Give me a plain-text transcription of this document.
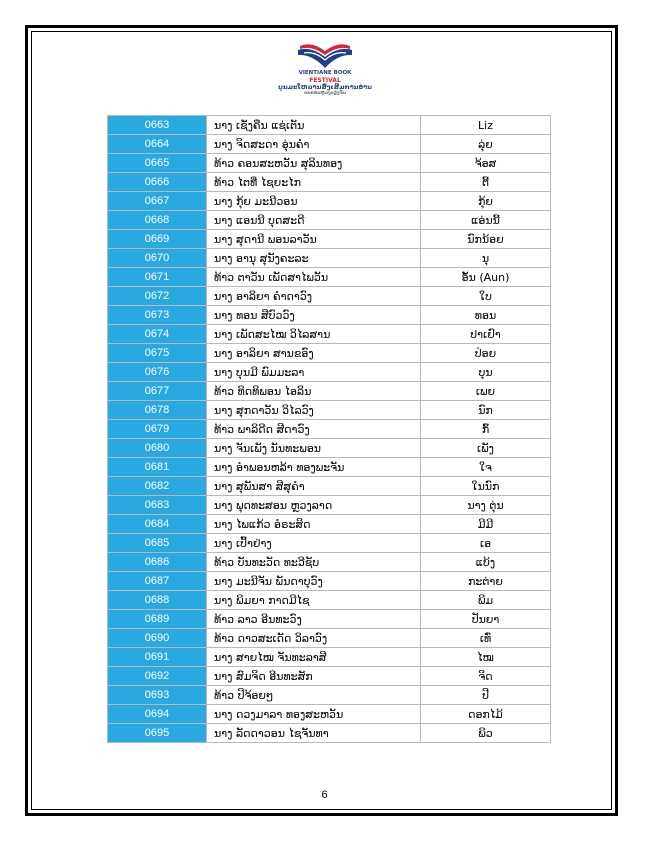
VIENTIANE BOOK
FESTIVAL
ບຸນມະໂຫລານສົ່ງເສີມການອ່ານ
ນະຄອນຫຼວງວຽງຈັນ
0663	ນາງ ເຊັ່ງຄືນ ແຊ່ເຕັນ	Liz
0664	ນາງ ຈິດສະດາ ອຸ່ນຄຳ	ລຸ່ຍ
0665	ທ້າວ ຄອນສະຫວັນ ສຸລິນທອງ	ຈ້ອສ
0666	ທ້າວ ໄຕທີ່ ໄຊຍະໄກ	ຕີ້
0667	ນາງ ກຸ້ຍ ມະນີວອນ	ກຸ້ຍ
0668	ນາງ ແອນນີ ບຸດສະດີ	ແອ່ນນີ້
0669	ນາງ ສຸດານີ ພອນລາວັນ	ນົກນ້ອຍ
0670	ນາງ ອານຸ ສຸນັງຄະລະ	ນຸ
0671	ທ້າວ ຕາວັນ ເພັດສາໄພວັນ	ອັ້ນ (Aun)
0672	ນາງ ອາລິຍາ ຄຳດາວົງ	ໃບ
0673	ນາງ ທອນ ສີບົວວົງ	ທອນ
0674	ນາງ ເພັດສະໄໝ ວິໄລສານ	ປາເຢົາ
0675	ນາງ ອາລິຍາ ສານຂອົງ	ປ່ອຍ
0676	ນາງ ບຸນມີ ພົມມະລາ	ບຸນ
0677	ທ້າວ ທິດທິພອນ ໄອລິນ	ເພຍ
0678	ນາງ ສຸກດາວັນ ວິໄລວົງ	ນົກ
0679	ທ້າວ ພາລິດີດ ສີດາວົງ	ກົ້
0680	ນາງ ຈັນເພັງ ນັນທະພອນ	ເພັງ
0681	ນາງ ອຳພອນຫລ້າ ທອງພະຈັນ	ໃຈ
0682	ນາງ ສຸພັນສາ ສີສຸຄຳ	ໃນນົກ
0683	ນາງ ພຸດທະສອນ ຫຼວງລາດ	ນາງ ຕຸ່ນ
0684	ນາງ ໄພແກ້ວ ອໍຣະສິດ	ມີມີ
0685	ນາງ ເປົ້າຢ່າງ	ເອ
0686	ທ້າວ ບັນທະວັດ ທະວີຊັບ	ແບ້ງ
0687	ນາງ ມະນີຈັນ ພັນດາບຸວົງ	ກະຕ່າຍ
0688	ນາງ ພິມຍາ ກາດມີໄຊ	ພິມ
0689	ທ້າວ ລາວ ອີນທະວົງ	ປັນຍາ
0690	ທ້າວ ດາວສະເດັດ ວິລາວົງ	ເທົ່
0691	ນາງ ສາຍໄໝ ຈັນທະລາສີ	ໄໝ
0692	ນາງ ສົມຈິດ ອີນທະສັກ	ຈິດ
0693	ທ້າວ ປີຈ້ອຍໆ	ປີ
0694	ນາງ ດວງມາລາ ທອງສະຫວັນ	ດອກໄມ້
0695	ນາງ ລັດດາວອນ ໄຊຈັນທາ	ພິວ
6
